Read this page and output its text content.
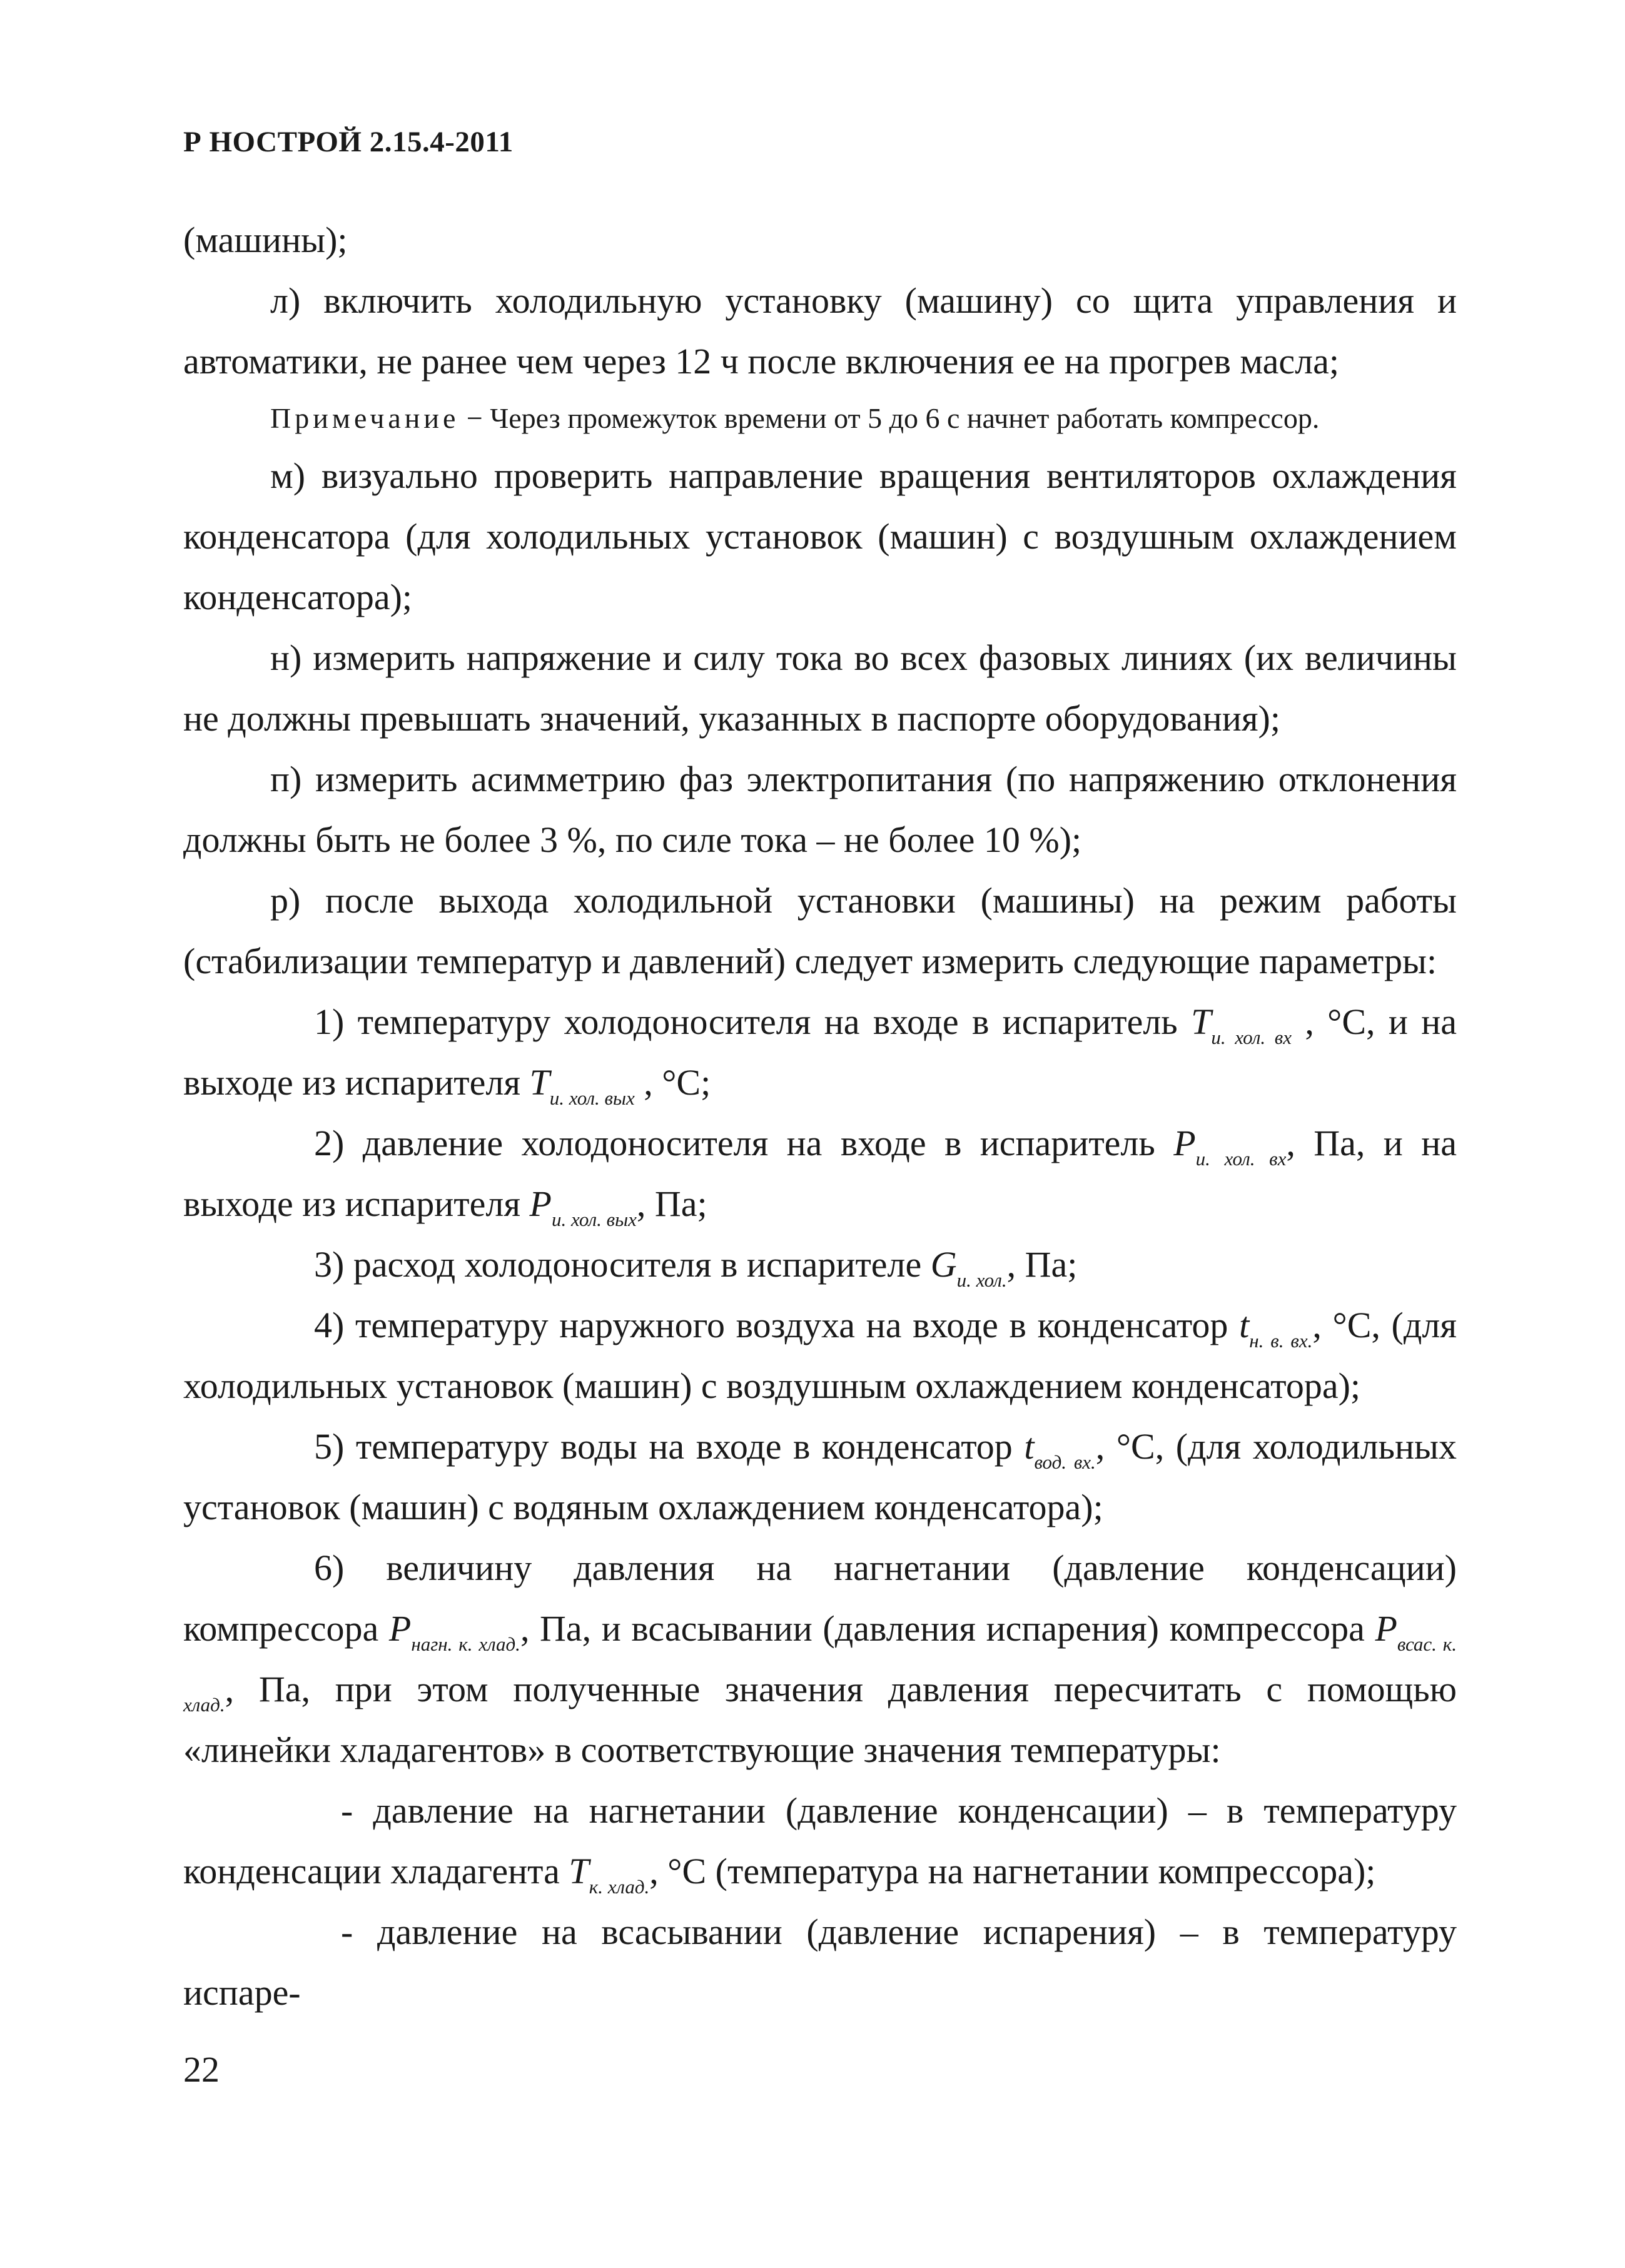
Р НОСТРОЙ 2.15.4-2011

(машины);

л) включить холодильную установку (машину) со щита управления и автоматики, не ранее чем через 12 ч после включения ее на прогрев масла;

Примечание − Через промежуток времени от 5 до 6 с начнет работать компрессор.

м) визуально проверить направление вращения вентиляторов охлаждения конденсатора (для холодильных установок (машин) с воздушным охлаждением конденсатора);

н) измерить напряжение и силу тока во всех фазовых линиях (их величины не должны превышать значений, указанных в паспорте оборудования);

п) измерить асимметрию фаз электропитания (по напряжению отклонения должны быть не более 3 %, по силе тока – не более 10 %);

р) после выхода холодильной установки (машины) на режим работы (стабилизации температур и давлений) следует измерить следующие параметры:

1) температуру холодоносителя на входе в испаритель $T_{и. хол. вх}$ , °С, и на выходе из испарителя $T_{и. хол. вых}$ , °С;

2) давление холодоносителя на входе в испаритель $P_{и. хол. вх}$, Па, и на выходе из испарителя $P_{и. хол. вых}$, Па;

3) расход холодоносителя в испарителе $G_{и. хол.}$, Па;

4) температуру наружного воздуха на входе в конденсатор $t_{н. в. вх.}$, °С, (для холодильных установок (машин) с воздушным охлаждением конденсатора);

5) температуру воды на входе в конденсатор $t_{вод. вх.}$, °С, (для холодильных установок (машин) с водяным охлаждением конденсатора);

6) величину давления на нагнетании (давление конденсации) компрессора $P_{нагн. к. хлад.}$, Па, и всасывании (давления испарения) компрессора $P_{всас. к. хлад.}$, Па, при этом полученные значения давления пересчитать с помощью «линейки хладагентов» в соответствующие значения температуры:

- давление на нагнетании (давление конденсации) – в температуру конденсации хладагента $T_{к. хлад.}$, °С (температура на нагнетании компрессора);

- давление на всасывании (давление испарения) – в температуру испаре-

22
